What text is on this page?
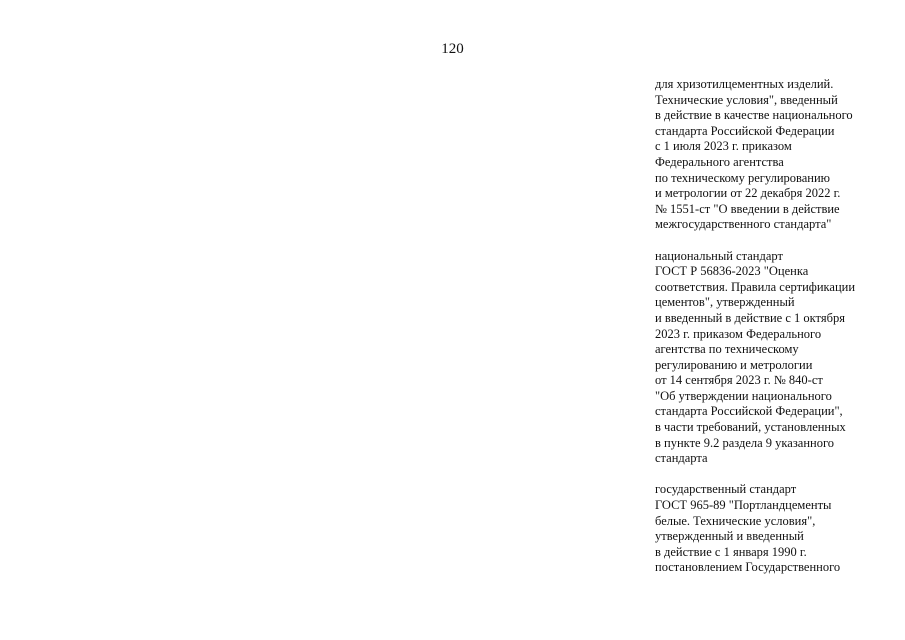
120
для хризотилцементных изделий.
Технические условия", введенный
в действие в качестве национального
стандарта Российской Федерации
с 1 июля 2023 г. приказом
Федерального агентства
по техническому регулированию
и метрологии от 22 декабря 2022 г.
№ 1551-ст "О введении в действие
межгосударственного стандарта"
национальный стандарт
ГОСТ Р 56836-2023 "Оценка
соответствия. Правила сертификации
цементов", утвержденный
и введенный в действие с 1 октября
2023 г. приказом Федерального
агентства по техническому
регулированию и метрологии
от 14 сентября 2023 г. № 840-ст
"Об утверждении национального
стандарта Российской Федерации",
в части требований, установленных
в пункте 9.2 раздела 9 указанного
стандарта
государственный стандарт
ГОСТ 965-89 "Портландцементы
белые. Технические условия",
утвержденный и введенный
в действие с 1 января 1990 г.
постановлением Государственного
